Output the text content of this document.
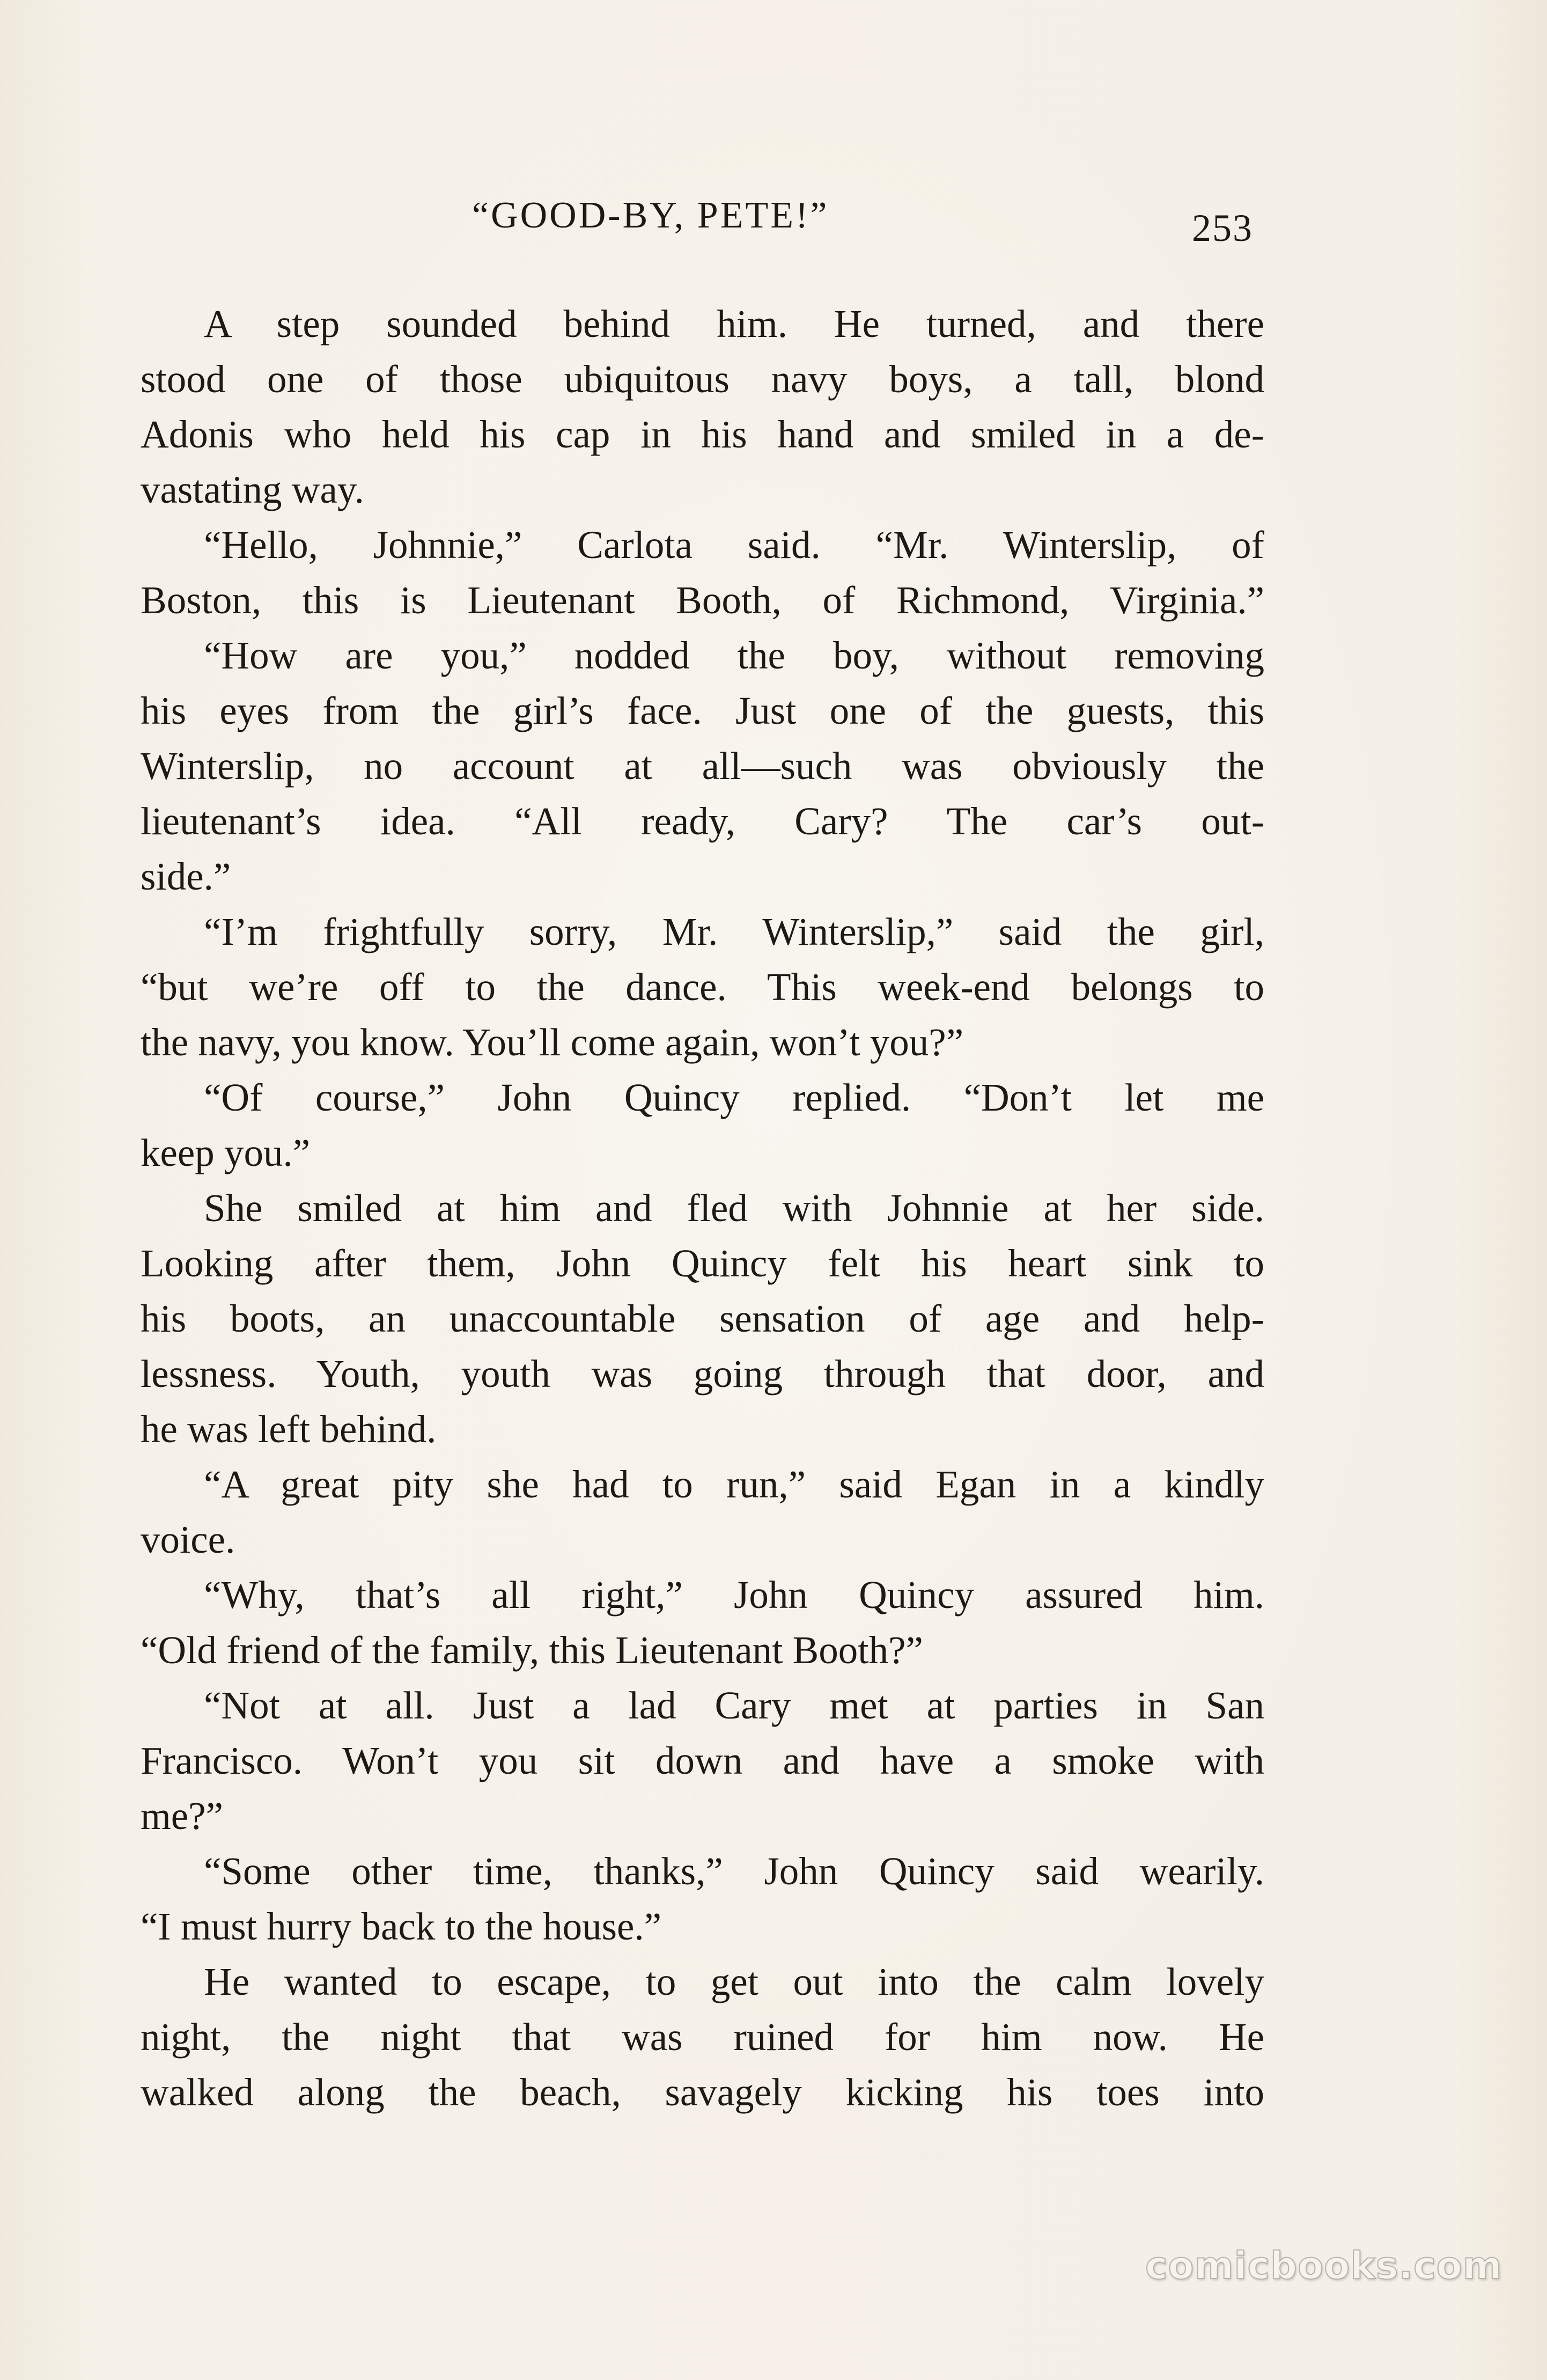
“GOOD-BY, PETE!”	253
A step sounded behind him. He turned, and there
stood one of those ubiquitous navy boys, a tall, blond
Adonis who held his cap in his hand and smiled in a de-
vastating way.
“Hello, Johnnie,” Carlota said. “Mr. Winterslip, of
Boston, this is Lieutenant Booth, of Richmond, Virginia.”
“How are you,” nodded the boy, without removing
his eyes from the girl’s face. Just one of the guests, this
Winterslip, no account at all—such was obviously the
lieutenant’s idea. “All ready, Cary? The car’s out-
side.”
“I’m frightfully sorry, Mr. Winterslip,” said the girl,
“but we’re off to the dance. This week-end belongs to
the navy, you know. You’ll come again, won’t you?”
“Of course,” John Quincy replied. “Don’t let me
keep you.”
She smiled at him and fled with Johnnie at her side.
Looking after them, John Quincy felt his heart sink to
his boots, an unaccountable sensation of age and help-
lessness. Youth, youth was going through that door, and
he was left behind.
“A great pity she had to run,” said Egan in a kindly
voice.
“Why, that’s all right,” John Quincy assured him.
“Old friend of the family, this Lieutenant Booth?”
“Not at all. Just a lad Cary met at parties in San
Francisco. Won’t you sit down and have a smoke with
me?”
“Some other time, thanks,” John Quincy said wearily.
“I must hurry back to the house.”
He wanted to escape, to get out into the calm lovely
night, the night that was ruined for him now. He
walked along the beach, savagely kicking his toes into
comicbooks.com
